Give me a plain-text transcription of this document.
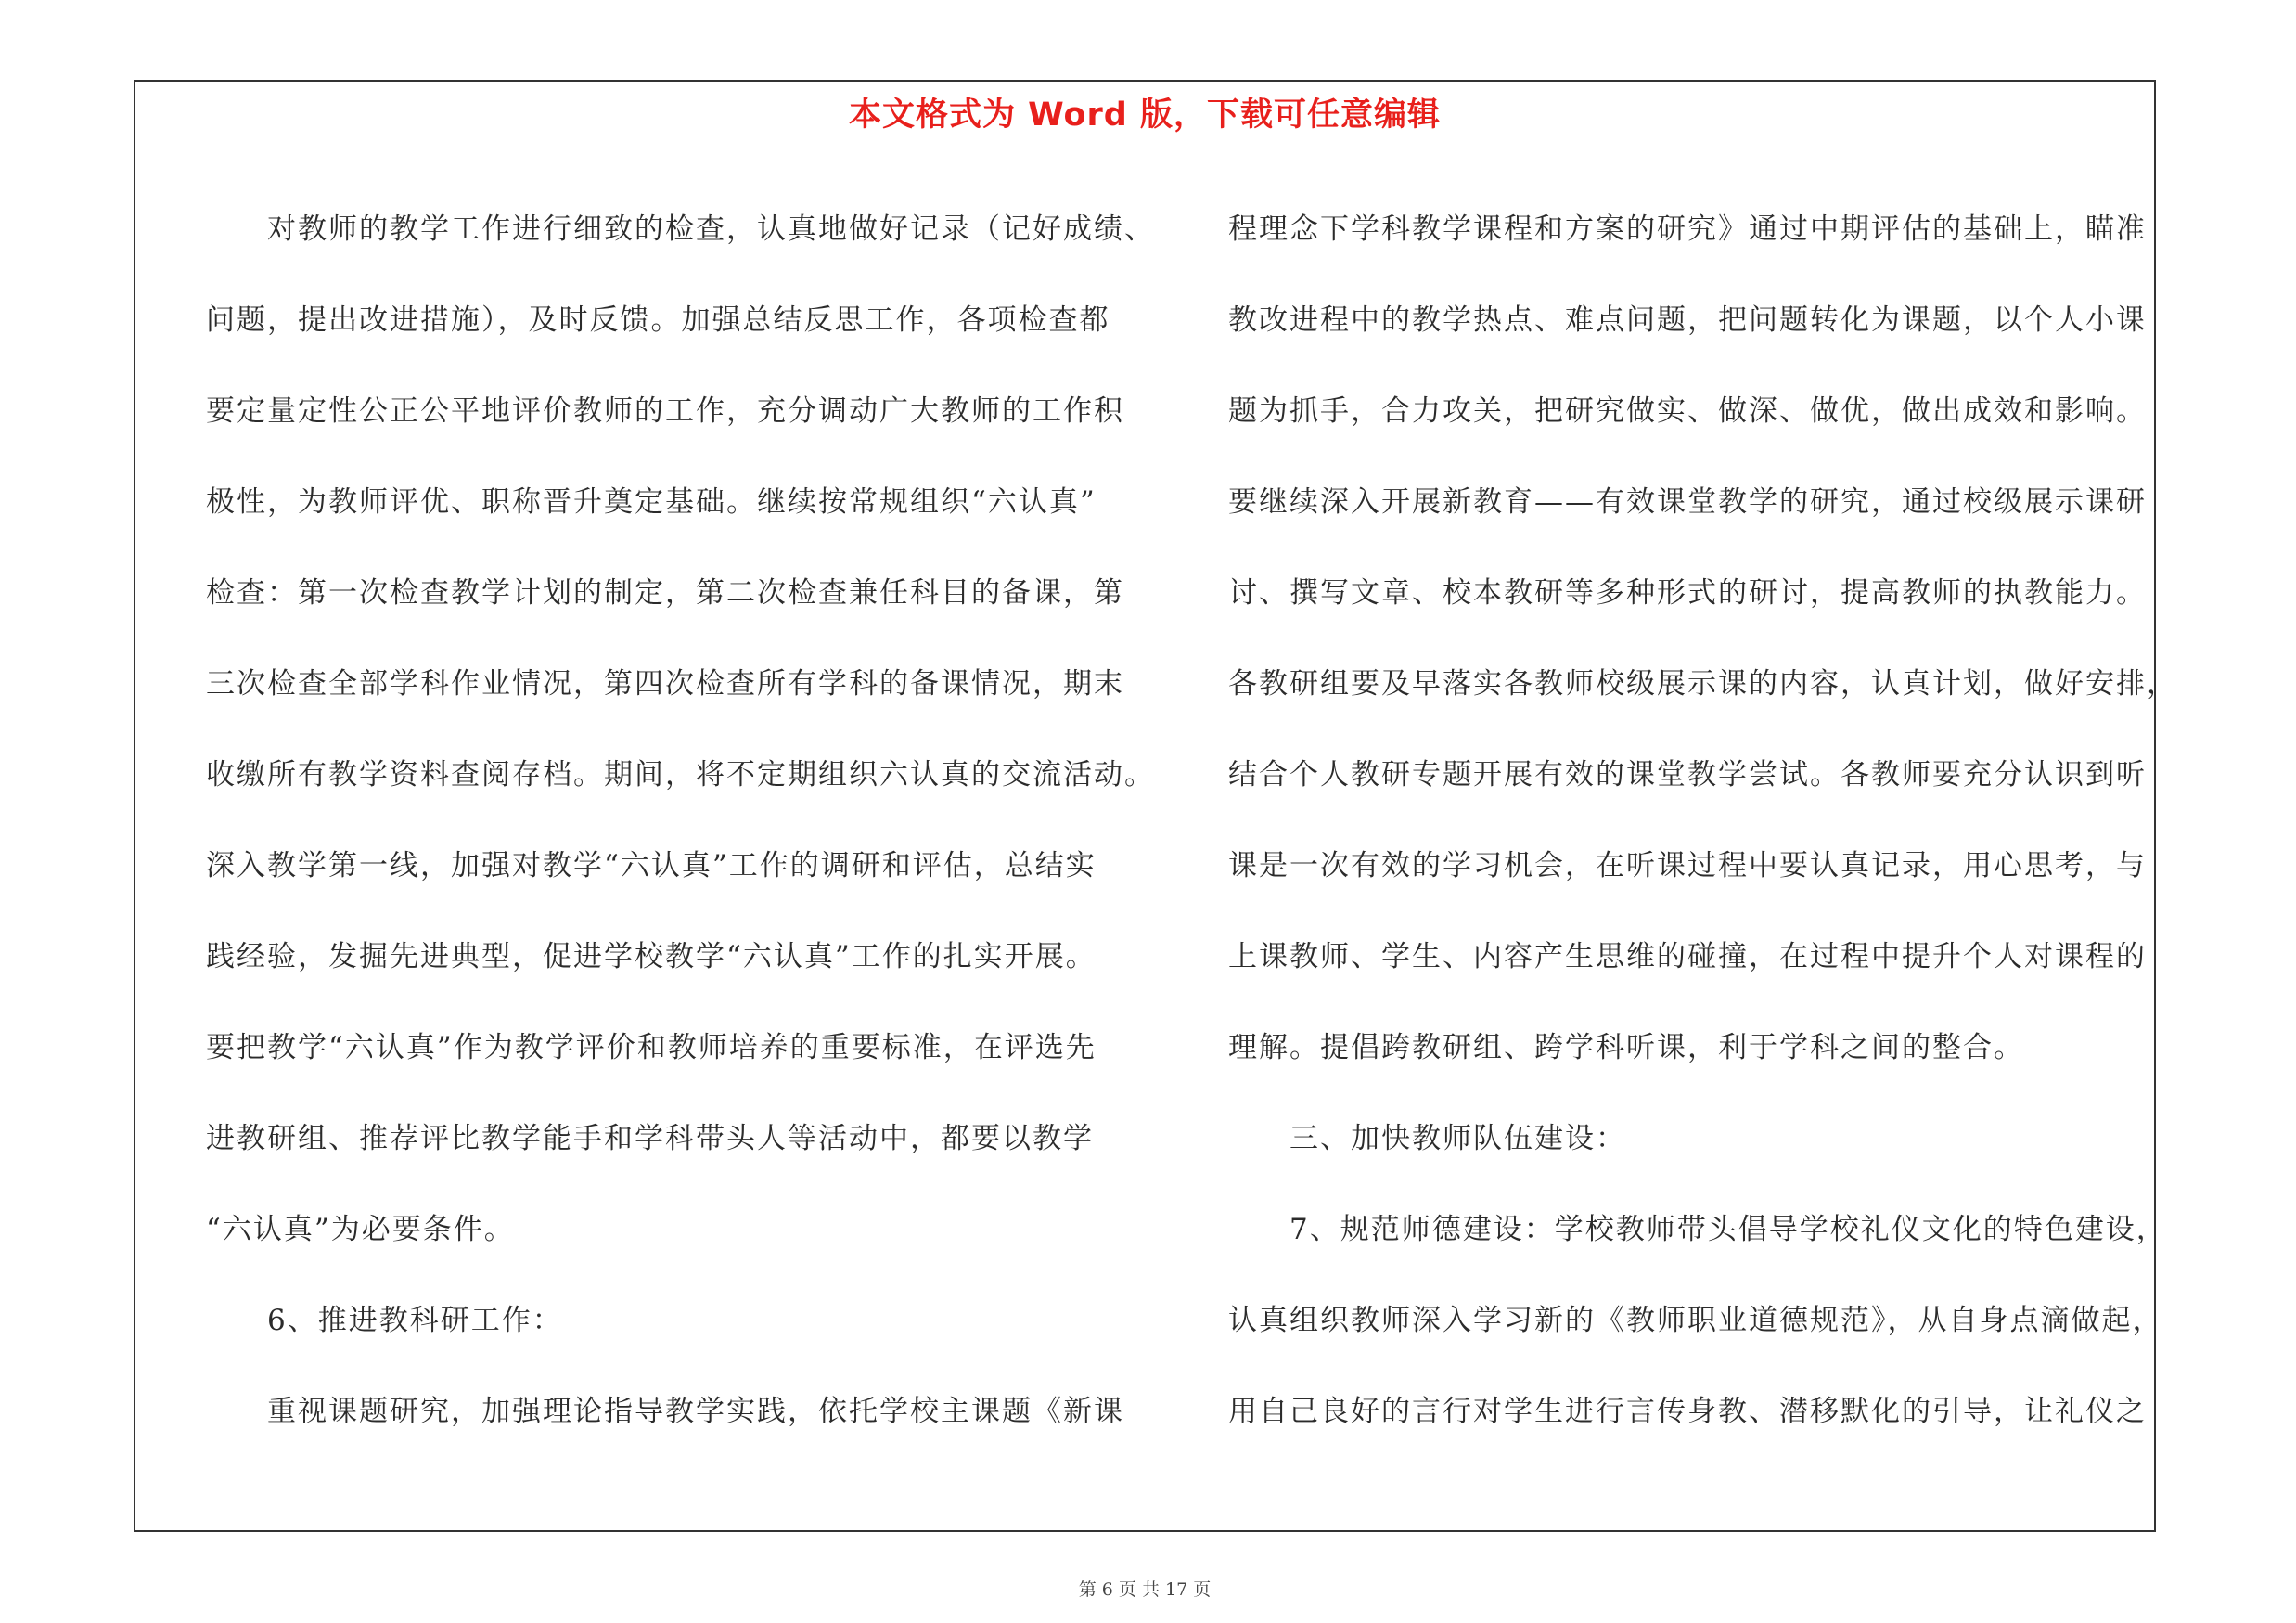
本文格式为 Word 版，下载可任意编辑
第 6 页 共 17 页

对教师的教学工作进行细致的检查，认真地做好记录（记好成绩、

问题，提出改进措施），及时反馈。加强总结反思工作，各项检查都

要定量定性公正公平地评价教师的工作，充分调动广大教师的工作积

极性，为教师评优、职称晋升奠定基础。继续按常规组织“六认真”

检查：第一次检查教学计划的制定，第二次检查兼任科目的备课，第

三次检查全部学科作业情况，第四次检查所有学科的备课情况，期末

收缴所有教学资料查阅存档。期间，将不定期组织六认真的交流活动。

深入教学第一线，加强对教学“六认真”工作的调研和评估，总结实

践经验，发掘先进典型，促进学校教学“六认真”工作的扎实开展。

要把教学“六认真”作为教学评价和教师培养的重要标准，在评选先

进教研组、推荐评比教学能手和学科带头人等活动中，都要以教学

“六认真”为必要条件。

6、推进教科研工作：

重视课题研究，加强理论指导教学实践，依托学校主课题《新课

程理念下学科教学课程和方案的研究》通过中期评估的基础上，瞄准

教改进程中的教学热点、难点问题，把问题转化为课题，以个人小课

题为抓手，合力攻关，把研究做实、做深、做优，做出成效和影响。

要继续深入开展新教育——有效课堂教学的研究，通过校级展示课研

讨、撰写文章、校本教研等多种形式的研讨，提高教师的执教能力。

各教研组要及早落实各教师校级展示课的内容，认真计划，做好安排，

结合个人教研专题开展有效的课堂教学尝试。各教师要充分认识到听

课是一次有效的学习机会，在听课过程中要认真记录，用心思考，与

上课教师、学生、内容产生思维的碰撞，在过程中提升个人对课程的

理解。提倡跨教研组、跨学科听课，利于学科之间的整合。

三、加快教师队伍建设：

7、规范师德建设：学校教师带头倡导学校礼仪文化的特色建设，

认真组织教师深入学习新的《教师职业道德规范》，从自身点滴做起，

用自己良好的言行对学生进行言传身教、潜移默化的引导，让礼仪之
